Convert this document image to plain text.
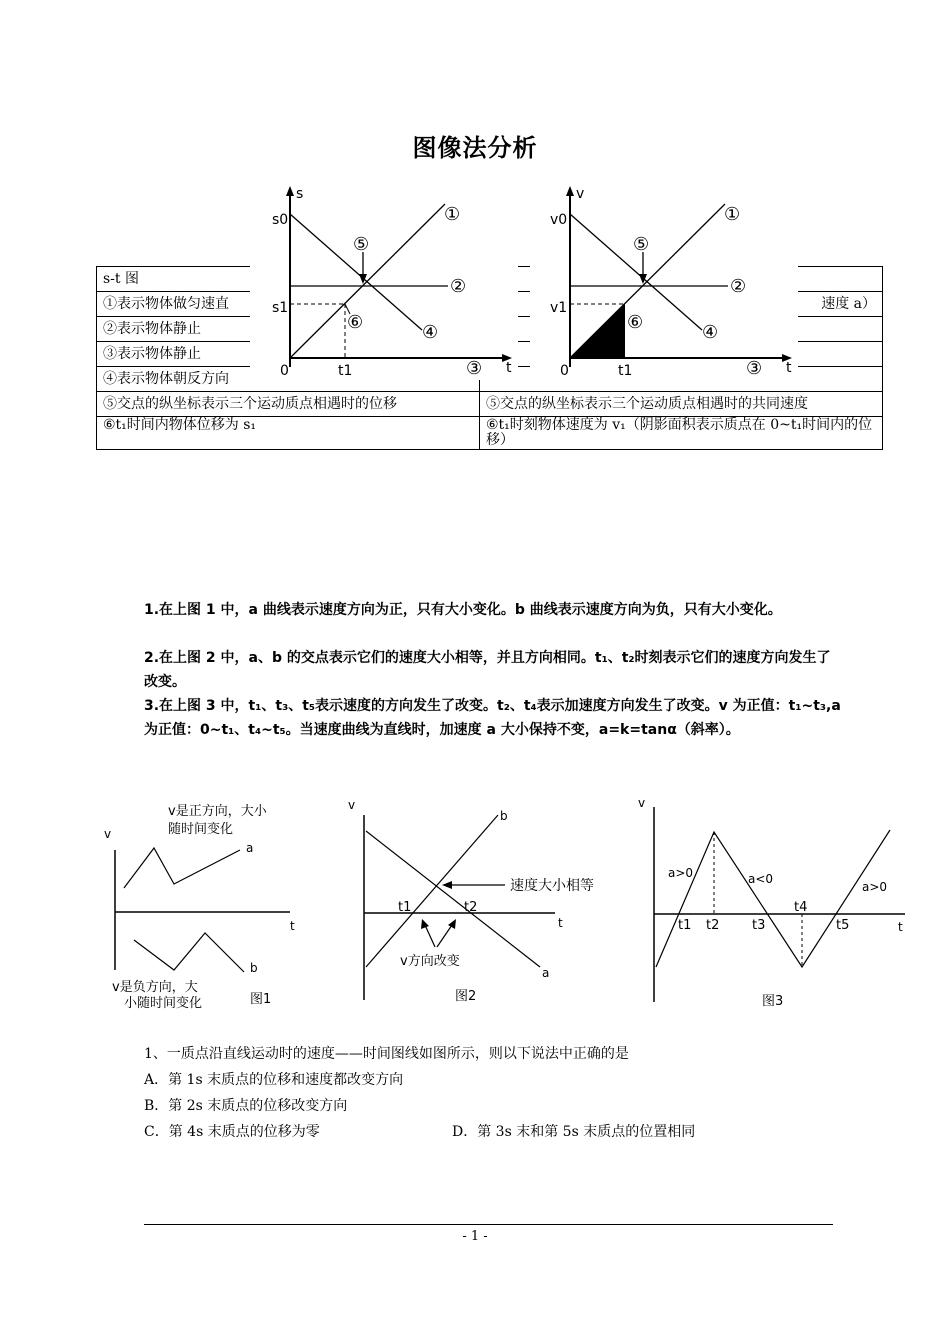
图像法分析
s-t 图	
①表示物体做匀速直	速度 a）
②表示物体静止	
③表示物体静止	
④表示物体朝反方向	
⑤交点的纵坐标表示三个运动质点相遇时的位移	⑤交点的纵坐标表示三个运动质点相遇时的共同速度
⑥t₁时间内物体位移为 s₁	⑥t₁时刻物体速度为 v₁（阴影面积表示质点在 0~t₁时间内的位移）
s
s0
s1
0	t1	t
①
②
③
④
⑤
⑥
v
v0
v1
0	t1	t
①
②
③
④
⑤
⑥
1.在上图 1 中，a 曲线表示速度方向为正，只有大小变化。b 曲线表示速度方向为负，只有大小变化。
2.在上图 2 中，a、b 的交点表示它们的速度大小相等，并且方向相同。t₁、t₂时刻表示它们的速度方向发生了改变。
3.在上图 3 中，t₁、t₃、t₅表示速度的方向发生了改变。t₂、t₄表示加速度方向发生了改变。v 为正值：t₁~t₃,a 为正值：0~t₁、t₄~t₅。当速度曲线为直线时，加速度 a 大小保持不变，a=k=tanα（斜率）。
v
t
v是正方向，大小
随时间变化
a
b
v是负方向，大
小随时间变化	图1
v
t
b
a
t1	t2
速度大小相等
v方向改变
图2
v
t
t1 t2	t3
t4
t5
a>0	a<0
a>0
图3
1、一质点沿直线运动时的速度——时间图线如图所示，则以下说法中正确的是
A．第 1s 末质点的位移和速度都改变方向
B．第 2s 末质点的位移改变方向
C．第 4s 末质点的位移为零	D．第 3s 末和第 5s 末质点的位置相同
- 1 -
